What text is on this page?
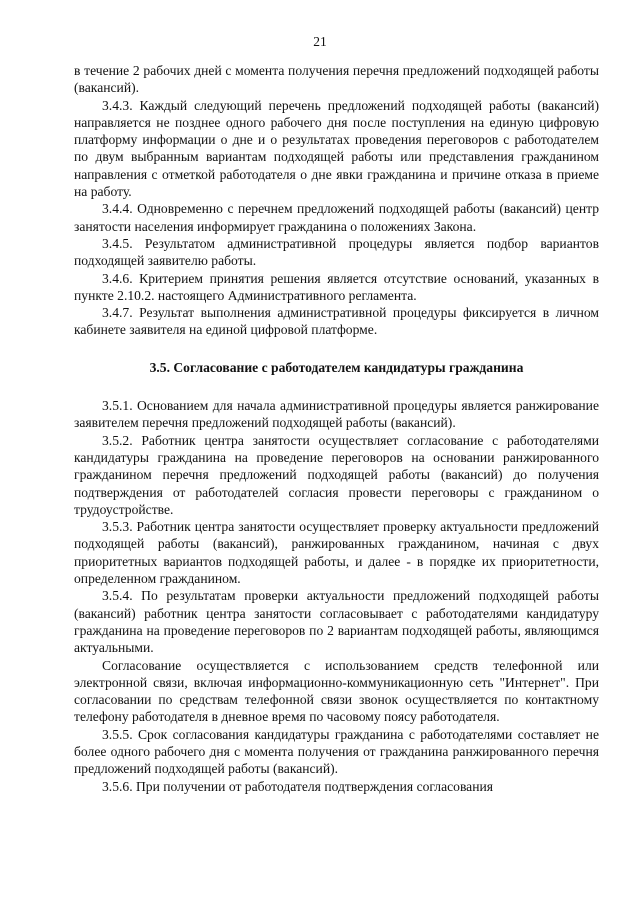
21

в течение 2 рабочих дней с момента получения перечня предложений подходящей работы (вакансий).

3.4.3. Каждый следующий перечень предложений подходящей работы (вакансий) направляется не позднее одного рабочего дня после поступления на единую цифровую платформу информации о дне и о результатах проведения переговоров с работодателем по двум выбранным вариантам подходящей работы или представления гражданином направления с отметкой работодателя о дне явки гражданина и причине отказа в приеме на работу.

3.4.4. Одновременно с перечнем предложений подходящей работы (вакансий) центр занятости населения информирует гражданина о положениях Закона.

3.4.5. Результатом административной процедуры является подбор вариантов подходящей заявителю работы.

3.4.6. Критерием принятия решения является отсутствие оснований, указанных в пункте 2.10.2. настоящего Административного регламента.

3.4.7. Результат выполнения административной процедуры фиксируется в личном кабинете заявителя на единой цифровой платформе.

3.5. Согласование с работодателем кандидатуры гражданина

3.5.1. Основанием для начала административной процедуры является ранжирование заявителем перечня предложений подходящей работы (вакансий).

3.5.2. Работник центра занятости осуществляет согласование с работодателями кандидатуры гражданина на проведение переговоров на основании ранжированного гражданином перечня предложений подходящей работы (вакансий) до получения подтверждения от работодателей согласия провести переговоры с гражданином о трудоустройстве.

3.5.3. Работник центра занятости осуществляет проверку актуальности предложений подходящей работы (вакансий), ранжированных гражданином, начиная с двух приоритетных вариантов подходящей работы, и далее - в порядке их приоритетности, определенном гражданином.

3.5.4. По результатам проверки актуальности предложений подходящей работы (вакансий) работник центра занятости согласовывает с работодателями кандидатуру гражданина на проведение переговоров по 2 вариантам подходящей работы, являющимся актуальными.

Согласование осуществляется с использованием средств телефонной или электронной связи, включая информационно-коммуникационную сеть "Интернет". При согласовании по средствам телефонной связи звонок осуществляется по контактному телефону работодателя в дневное время по часовому поясу работодателя.

3.5.5. Срок согласования кандидатуры гражданина с работодателями составляет не более одного рабочего дня с момента получения от гражданина ранжированного перечня предложений подходящей работы (вакансий).

3.5.6. При получении от работодателя подтверждения согласования
